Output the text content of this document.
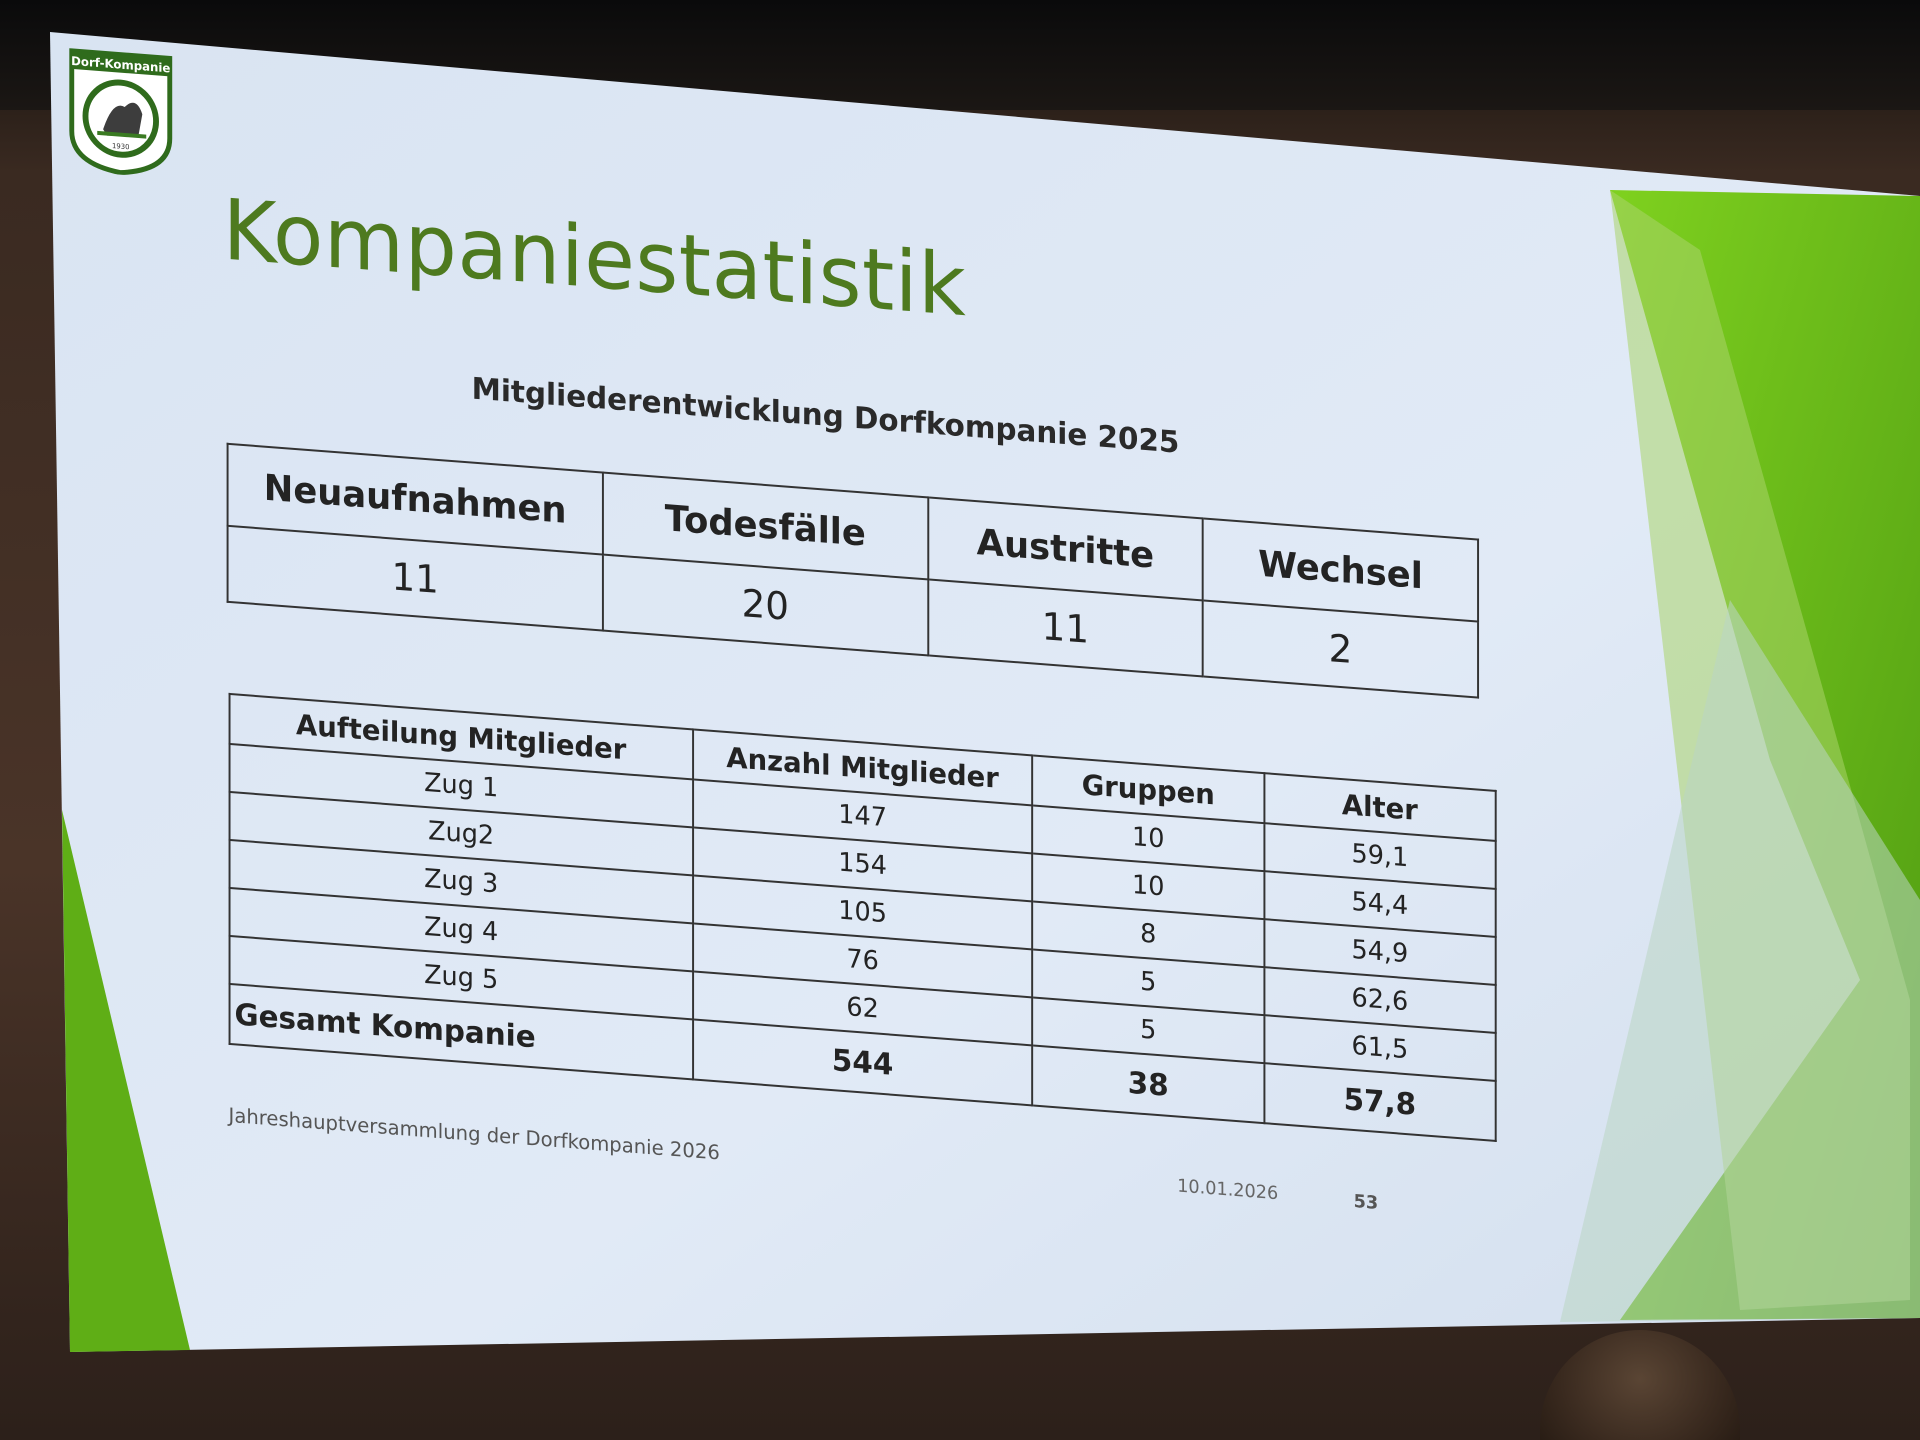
Dorf-Kompanie
1930
Kompaniestatistik
Mitgliederentwicklung Dorfkompanie 2025
Neuaufnahmen	Todesfälle	Austritte	Wechsel
11	20	11	2
Aufteilung Mitglieder	Anzahl Mitglieder	Gruppen	Alter
Zug 1	147	10	59,1
Zug2	154	10	54,4
Zug 3	105	8	54,9
Zug 4	76	5	62,6
Zug 5	62	5	61,5
Gesamt Kompanie	544	38	57,8
Jahreshauptversammlung der Dorfkompanie 2026
10.01.2026	53
